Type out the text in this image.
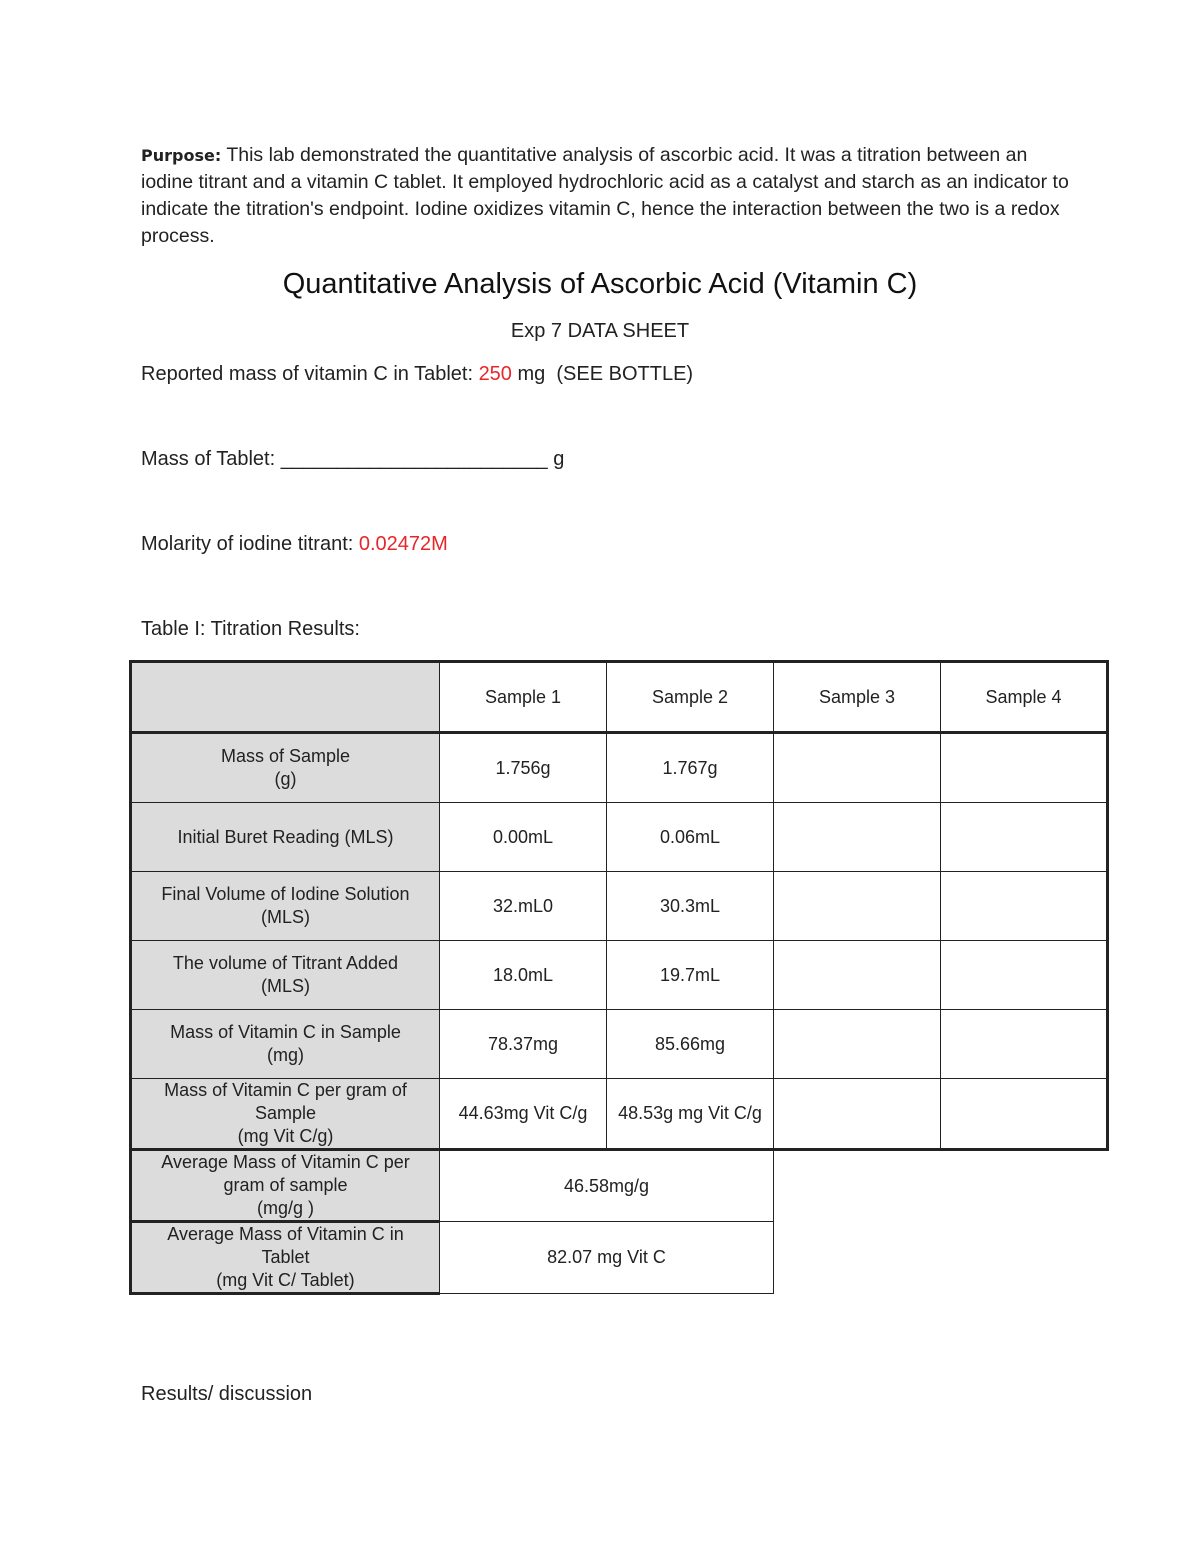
Purpose: This lab demonstrated the quantitative analysis of ascorbic acid. It was a titration between an iodine titrant and a vitamin C tablet. It employed hydrochloric acid as a catalyst and starch as an indicator to indicate the titration's endpoint. Iodine oxidizes vitamin C, hence the interaction between the two is a redox process.
Quantitative Analysis of Ascorbic Acid (Vitamin C)
Exp 7 DATA SHEET
Reported mass of vitamin C in Tablet: 250 mg  (SEE BOTTLE)
Mass of Tablet: ________________________ g
Molarity of iodine titrant: 0.02472M
Table I: Titration Results:
	Sample 1	Sample 2	Sample 3	Sample 4

Mass of Sample
(g)	1.756g	1.767g		

Initial Buret Reading (MLS)	0.00mL	0.06mL		

Final Volume of Iodine Solution
(MLS)	32.mL0	30.3mL		

The volume of Titrant Added
(MLS)	18.0mL	19.7mL		

Mass of Vitamin C in Sample
(mg)	78.37mg	85.66mg		

Mass of Vitamin C per gram of
Sample
(mg Vit C/g)	44.63mg Vit C/g	48.53g mg Vit C/g		

Average Mass of Vitamin C per
gram of sample
(mg/g )	46.58mg/g			

Average Mass of Vitamin C in
Tablet
(mg Vit C/ Tablet)	82.07 mg Vit C			
Results/ discussion
